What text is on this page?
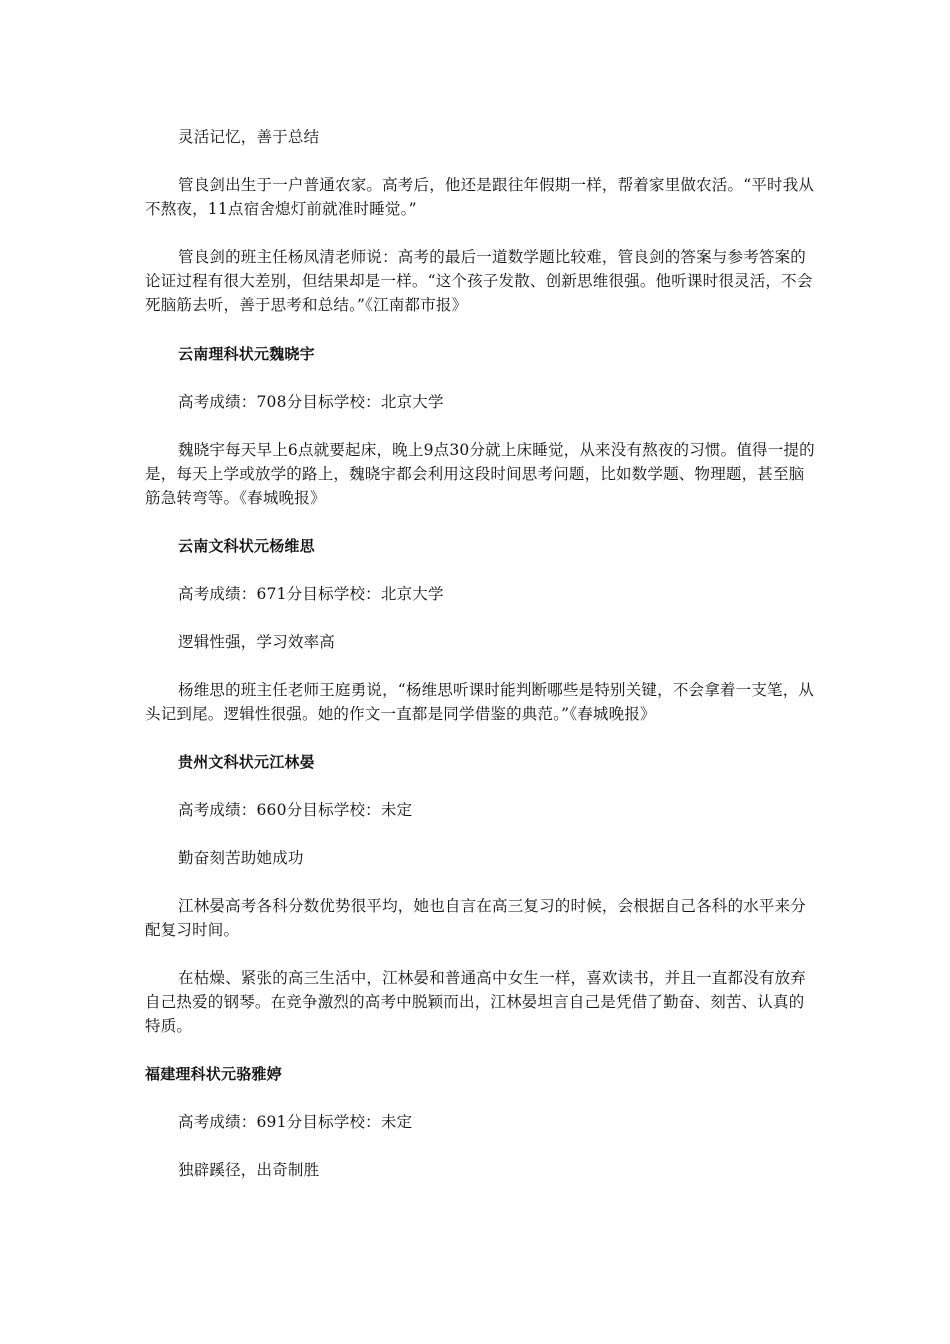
灵活记忆，善于总结

管良剑出生于一户普通农家。高考后，他还是跟往年假期一样，帮着家里做农活。“平时我从不熬夜，11点宿舍熄灯前就准时睡觉。”

管良剑的班主任杨凤清老师说：高考的最后一道数学题比较难，管良剑的答案与参考答案的论证过程有很大差别，但结果却是一样。“这个孩子发散、创新思维很强。他听课时很灵活，不会死脑筋去听，善于思考和总结。”《江南都市报》

云南理科状元魏晓宇

高考成绩：708分目标学校：北京大学

魏晓宇每天早上6点就要起床，晚上9点30分就上床睡觉，从来没有熬夜的习惯。值得一提的是，每天上学或放学的路上，魏晓宇都会利用这段时间思考问题，比如数学题、物理题，甚至脑筋急转弯等。《春城晚报》

云南文科状元杨维思

高考成绩：671分目标学校：北京大学

逻辑性强，学习效率高

杨维思的班主任老师王庭勇说，“杨维思听课时能判断哪些是特别关键，不会拿着一支笔，从头记到尾。逻辑性很强。她的作文一直都是同学借鉴的典范。”《春城晚报》

贵州文科状元江林晏

高考成绩：660分目标学校：未定

勤奋刻苦助她成功

江林晏高考各科分数优势很平均，她也自言在高三复习的时候，会根据自己各科的水平来分配复习时间。

在枯燥、紧张的高三生活中，江林晏和普通高中女生一样，喜欢读书，并且一直都没有放弃自己热爱的钢琴。在竞争激烈的高考中脱颖而出，江林晏坦言自己是凭借了勤奋、刻苦、认真的特质。

福建理科状元骆雅婷

高考成绩：691分目标学校：未定

独辟蹊径，出奇制胜
